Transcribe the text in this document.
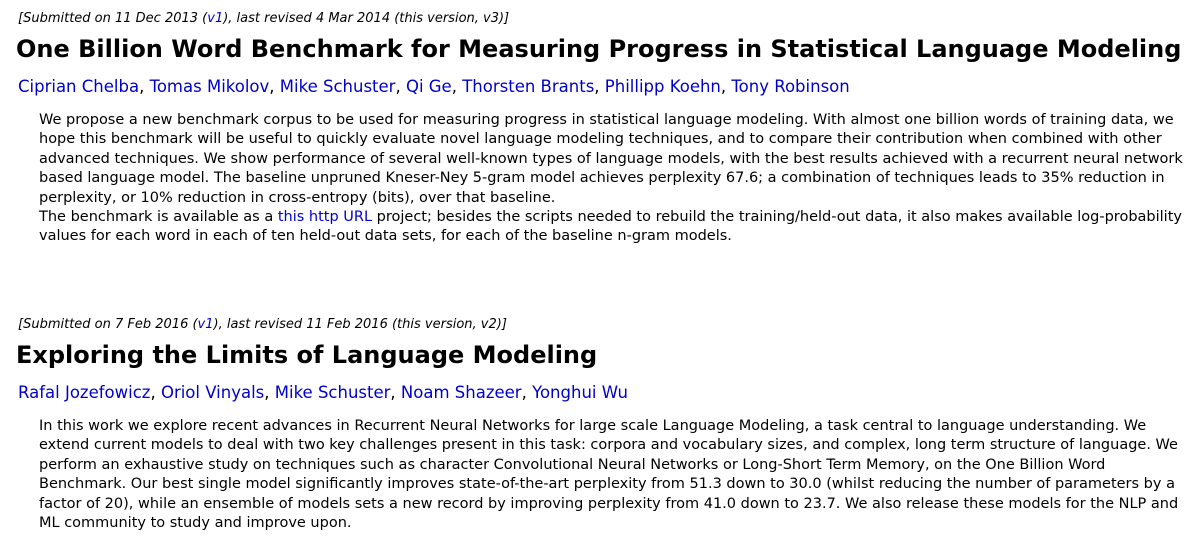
[Submitted on 11 Dec 2013 (v1), last revised 4 Mar 2014 (this version, v3)]
One Billion Word Benchmark for Measuring Progress in Statistical Language Modeling
Ciprian Chelba, Tomas Mikolov, Mike Schuster, Qi Ge, Thorsten Brants, Phillipp Koehn, Tony Robinson

We propose a new benchmark corpus to be used for measuring progress in statistical language modeling. With almost one billion words of training data, we hope this benchmark will be useful to quickly evaluate novel language modeling techniques, and to compare their contribution when combined with other advanced techniques. We show performance of several well-known types of language models, with the best results achieved with a recurrent neural network based language model. The baseline unpruned Kneser-Ney 5-gram model achieves perplexity 67.6; a combination of techniques leads to 35% reduction in perplexity, or 10% reduction in cross-entropy (bits), over that baseline.

The benchmark is available as a this http URL project; besides the scripts needed to rebuild the training/held-out data, it also makes available log-probability values for each word in each of ten held-out data sets, for each of the baseline n-gram models.

[Submitted on 7 Feb 2016 (v1), last revised 11 Feb 2016 (this version, v2)]
Exploring the Limits of Language Modeling
Rafal Jozefowicz, Oriol Vinyals, Mike Schuster, Noam Shazeer, Yonghui Wu

In this work we explore recent advances in Recurrent Neural Networks for large scale Language Modeling, a task central to language understanding. We extend current models to deal with two key challenges present in this task: corpora and vocabulary sizes, and complex, long term structure of language. We perform an exhaustive study on techniques such as character Convolutional Neural Networks or Long-Short Term Memory, on the One Billion Word Benchmark. Our best single model significantly improves state-of-the-art perplexity from 51.3 down to 30.0 (whilst reducing the number of parameters by a factor of 20), while an ensemble of models sets a new record by improving perplexity from 41.0 down to 23.7. We also release these models for the NLP and ML community to study and improve upon.
